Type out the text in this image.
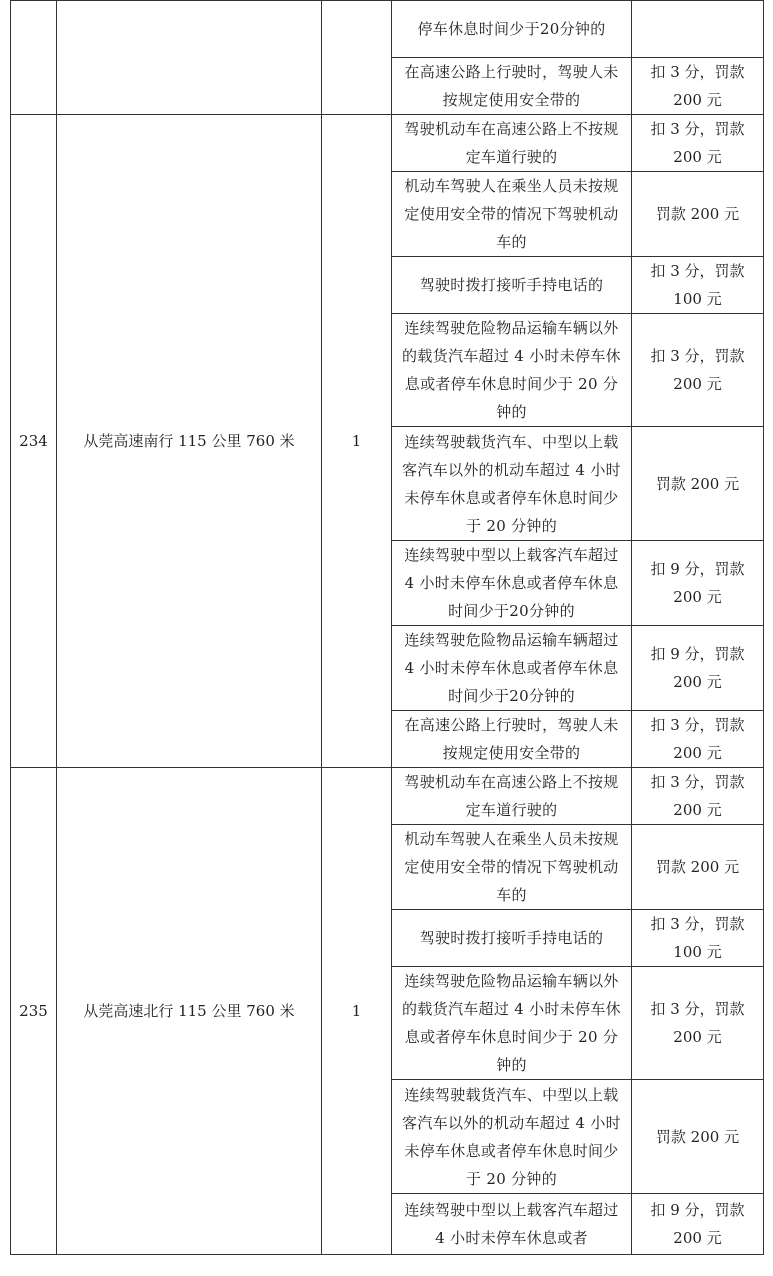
			停车休息时间少于20分钟的	
			在高速公路上行驶时，驾驶人未按规定使用安全带的	扣 3 分，罚款 200 元
234	从莞高速南行 115 公里 760 米	1	驾驶机动车在高速公路上不按规定车道行驶的	扣 3 分，罚款 200 元
			机动车驾驶人在乘坐人员未按规定使用安全带的情况下驾驶机动车的	罚款 200 元
			驾驶时拨打接听手持电话的	扣 3 分，罚款 100 元
			连续驾驶危险物品运输车辆以外的载货汽车超过 4 小时未停车休息或者停车休息时间少于 20 分钟的	扣 3 分，罚款 200 元
			连续驾驶载货汽车、中型以上载客汽车以外的机动车超过 4 小时未停车休息或者停车休息时间少于 20 分钟的	罚款 200 元
			连续驾驶中型以上载客汽车超过 4 小时未停车休息或者停车休息时间少于20分钟的	扣 9 分，罚款 200 元
			连续驾驶危险物品运输车辆超过 4 小时未停车休息或者停车休息时间少于20分钟的	扣 9 分，罚款 200 元
			在高速公路上行驶时，驾驶人未按规定使用安全带的	扣 3 分，罚款 200 元
235	从莞高速北行 115 公里 760 米	1	驾驶机动车在高速公路上不按规定车道行驶的	扣 3 分，罚款 200 元
			机动车驾驶人在乘坐人员未按规定使用安全带的情况下驾驶机动车的	罚款 200 元
			驾驶时拨打接听手持电话的	扣 3 分，罚款 100 元
			连续驾驶危险物品运输车辆以外的载货汽车超过 4 小时未停车休息或者停车休息时间少于 20 分钟的	扣 3 分，罚款 200 元
			连续驾驶载货汽车、中型以上载客汽车以外的机动车超过 4 小时未停车休息或者停车休息时间少于 20 分钟的	罚款 200 元
			连续驾驶中型以上载客汽车超过 4 小时未停车休息或者	扣 9 分，罚款 200 元
